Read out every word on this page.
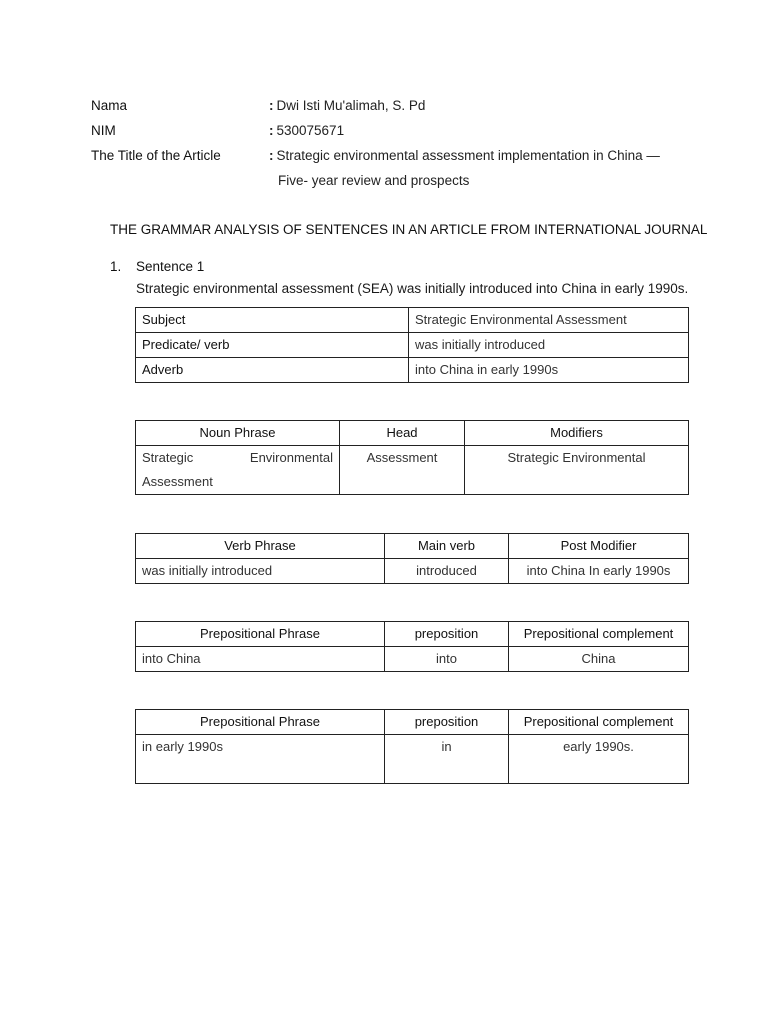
Nama	: Dwi Isti Mu'alimah, S. Pd
NIM	: 530075671
The Title of the Article	: Strategic environmental assessment implementation in China —
Five- year review and prospects
THE GRAMMAR ANALYSIS OF SENTENCES IN AN ARTICLE FROM INTERNATIONAL JOURNAL
1. Sentence 1
Strategic environmental assessment (SEA) was initially introduced into China in early 1990s.
Subject	Strategic Environmental Assessment
Predicate/ verb	was initially introduced
Adverb	into China in early 1990s
Noun Phrase	Head	Modifiers
Strategic Environmental Assessment	Assessment	Strategic Environmental
Verb Phrase	Main verb	Post Modifier
was initially introduced	introduced	into China In early 1990s
Prepositional Phrase	preposition	Prepositional complement
into China	into	China
Prepositional Phrase	preposition	Prepositional complement
in early 1990s	in	early 1990s.
